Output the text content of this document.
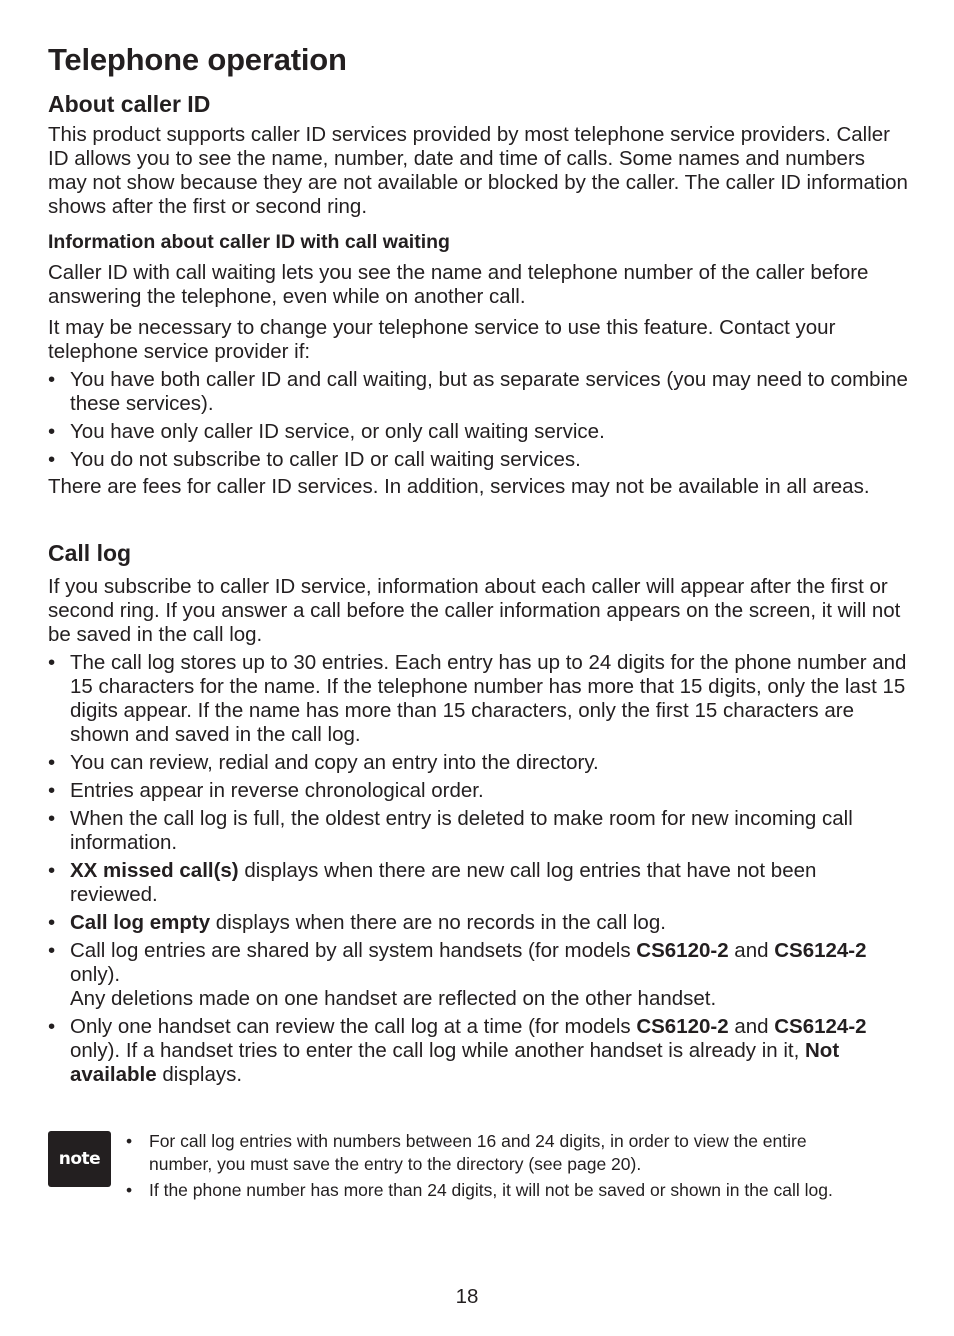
Telephone operation
About caller ID

This product supports caller ID services provided by most telephone service providers. Caller ID allows you to see the name, number, date and time of calls. Some names and numbers may not show because they are not available or blocked by the caller. The caller ID information shows after the first or second ring.

Information about caller ID with call waiting

Caller ID with call waiting lets you see the name and telephone number of the caller before answering the telephone, even while on another call.

It may be necessary to change your telephone service to use this feature. Contact your telephone service provider if:

• You have both caller ID and call waiting, but as separate services (you may need to combine these services).
• You have only caller ID service, or only call waiting service.
• You do not subscribe to caller ID or call waiting services.

There are fees for caller ID services. In addition, services may not be available in all areas.

Call log

If you subscribe to caller ID service, information about each caller will appear after the first or second ring. If you answer a call before the caller information appears on the screen, it will not be saved in the call log.

• The call log stores up to 30 entries. Each entry has up to 24 digits for the phone number and 15 characters for the name. If the telephone number has more that 15 digits, only the last 15 digits appear. If the name has more than 15 characters, only the first 15 characters are shown and saved in the call log.
• You can review, redial and copy an entry into the directory.
• Entries appear in reverse chronological order.
• When the call log is full, the oldest entry is deleted to make room for new incoming call information.
• XX missed call(s) displays when there are new call log entries that have not been reviewed.
• Call log empty displays when there are no records in the call log.
• Call log entries are shared by all system handsets (for models CS6120-2 and CS6124-2 only).
Any deletions made on one handset are reflected on the other handset.
• Only one handset can review the call log at a time (for models CS6120-2 and CS6124-2 only). If a handset tries to enter the call log while another handset is already in it, Not available displays.
note
• For call log entries with numbers between 16 and 24 digits, in order to view the entire number, you must save the entry to the directory (see page 20).
• If the phone number has more than 24 digits, it will not be saved or shown in the call log.
18
